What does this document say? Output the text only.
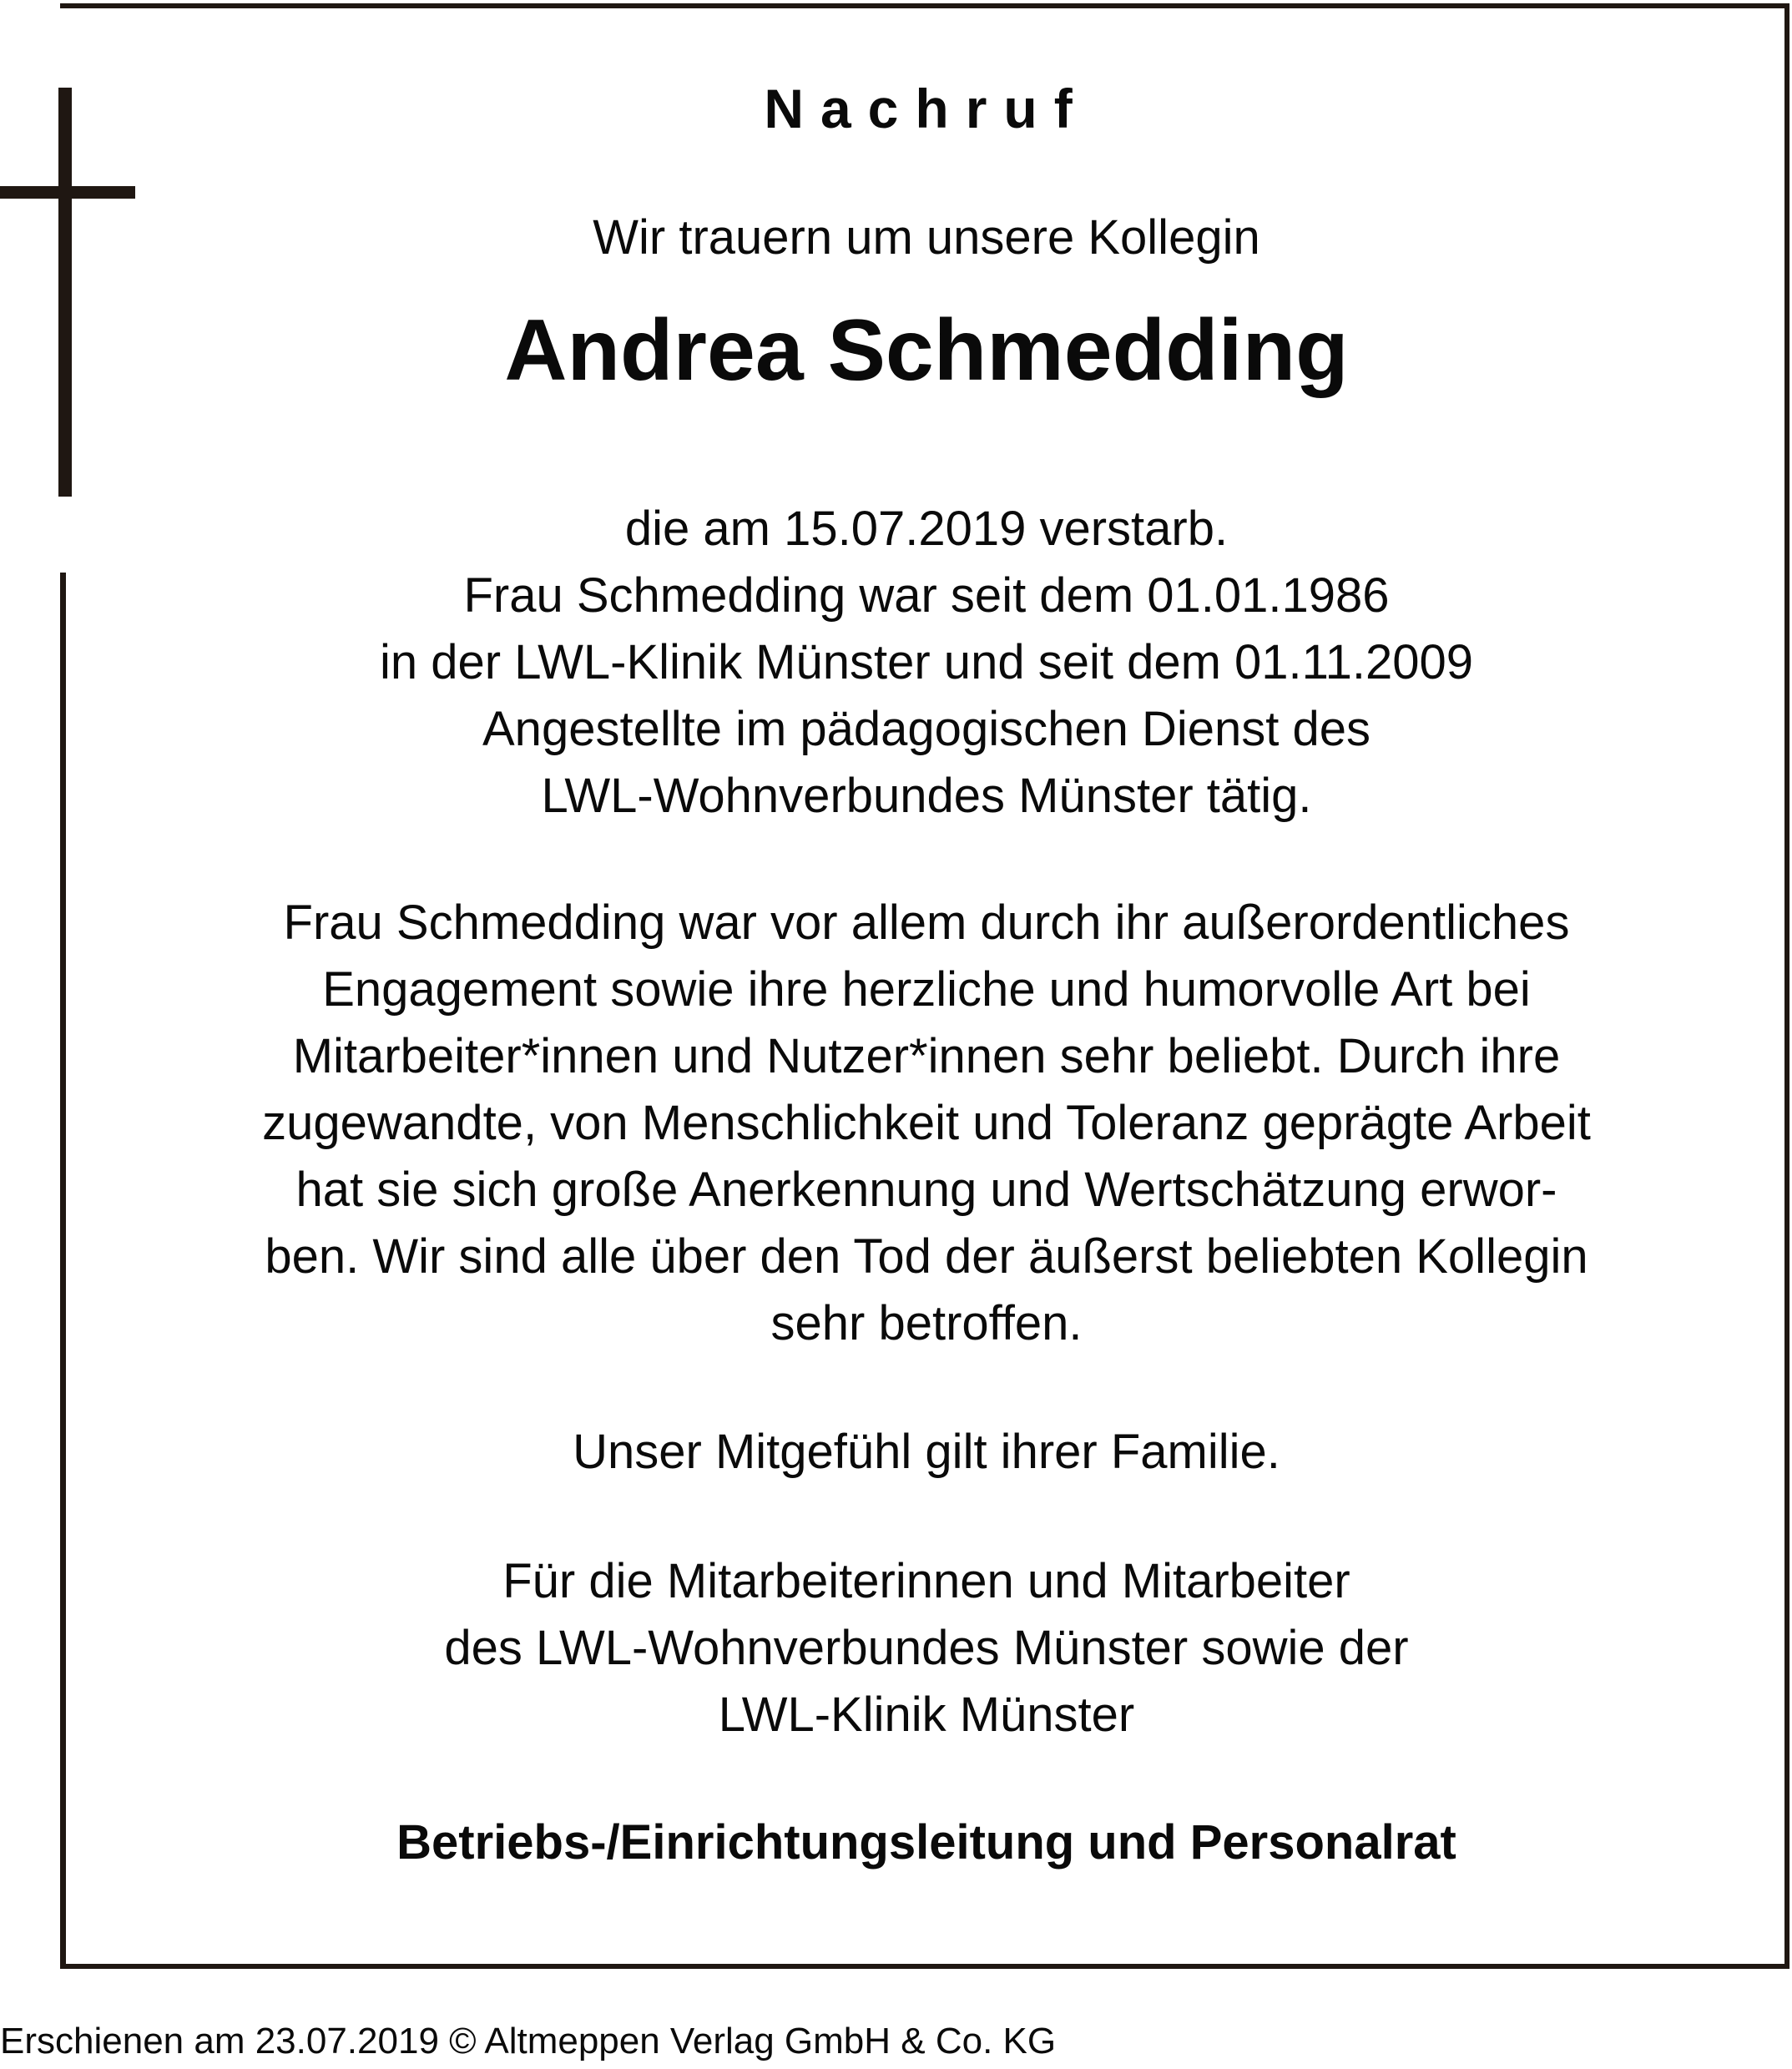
Nachruf
Wir trauern um unsere Kollegin
Andrea Schmedding
die am 15.07.2019 verstarb.
Frau Schmedding war seit dem 01.01.1986
in der LWL-Klinik Münster und seit dem 01.11.2009
Angestellte im pädagogischen Dienst des
LWL-Wohnverbundes Münster tätig.
Frau Schmedding war vor allem durch ihr außerordentliches
Engagement sowie ihre herzliche und humorvolle Art bei
Mitarbeiter*innen und Nutzer*innen sehr beliebt. Durch ihre
zugewandte, von Menschlichkeit und Toleranz geprägte Arbeit
hat sie sich große Anerkennung und Wertschätzung erwor-
ben. Wir sind alle über den Tod der äußerst beliebten Kollegin
sehr betroffen.
Unser Mitgefühl gilt ihrer Familie.
Für die Mitarbeiterinnen und Mitarbeiter
des LWL-Wohnverbundes Münster sowie der
LWL-Klinik Münster
Betriebs-/Einrichtungsleitung und Personalrat
Erschienen am 23.07.2019 © Altmeppen Verlag GmbH & Co. KG
